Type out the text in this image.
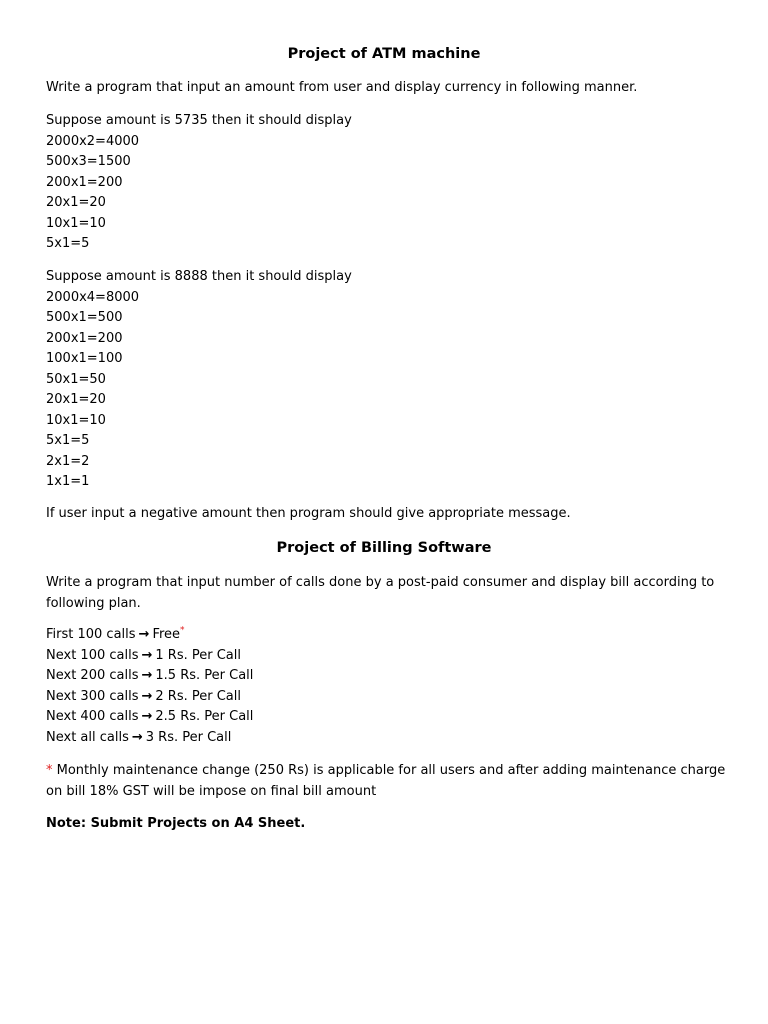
Project of ATM machine
Write a program that input an amount from user and display currency in following manner.
Suppose amount is 5735 then it should display
2000x2=4000
500x3=1500
200x1=200
20x1=20
10x1=10
5x1=5
Suppose amount is 8888 then it should display
2000x4=8000
500x1=500
200x1=200
100x1=100
50x1=50
20x1=20
10x1=10
5x1=5
2x1=2
1x1=1
If user input a negative amount then program should give appropriate message.
Project of Billing Software
Write a program that input number of calls done by a post-paid consumer and display bill according to following plan.
First 100 calls → Free*
Next 100 calls → 1 Rs. Per Call
Next 200 calls → 1.5 Rs. Per Call
Next 300 calls → 2 Rs. Per Call
Next 400 calls → 2.5 Rs. Per Call
Next all calls → 3 Rs. Per Call
* Monthly maintenance change (250 Rs) is applicable for all users and after adding maintenance charge on bill 18% GST will be impose on final bill amount
Note: Submit Projects on A4 Sheet.
